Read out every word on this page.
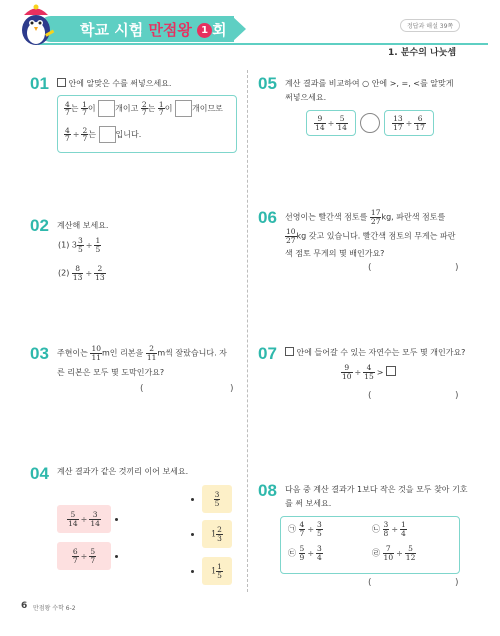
학교 시험 만점왕 1 회	정답과 해설 39쪽
1. 분수의 나눗셈
01	안에 알맞은 수를 써넣으세요.
$\frac{4}{7}$ 는 $\frac{1}{7}$ 이 개이고 $\frac{2}{7}$ 는 $\frac{1}{7}$ 이 개이므로
$\frac{4}{7} \div \frac{2}{7}$ 는 입니다.
02 계산해 보세요.
(1) $3 \frac{3}{5} \div \frac{1}{5}$
$(2) \frac{8}{13} \div \frac{2}{13}$
03 주현이는 $\frac{10}{11}$ m인 리본을 $\frac{2}{11}$ m씩 잘랐습니다. 자
른 리본은 모두 몇 도막인가요?
(	)
04 계산 결과가 같은 것끼리 이어 보세요.
$\frac{5}{14} \div \frac{3}{14}$
$\frac{6}{7} \div \frac{5}{7}$
$\frac{3}{5}$
$1 \frac{2}{3}$
$1 \frac{1}{5}$
05 계산 결과를 비교하여 ○ 안에 >, =, <를 알맞게
써넣으세요.
$\frac{9}{14} \div \frac{5}{14}$	$\frac{13}{17} \div \frac{6}{17}$
06 선영이는 빨간색 점토를 $\frac{17}{27}$ kg, 파란색 점토를
$\frac{10}{27}$ kg 갖고 있습니다. 빨간색 점토의 무게는 파란
색 점토 무게의 몇 배인가요?
(	)
07	안에 들어갈 수 있는 자연수는 모두 몇 개인가요?
$\frac{9}{10} \div \frac{4}{15}$ >
(	)
08 다음 중 계산 결과가 1보다 작은 것을 모두 찾아 기호
를 써 보세요.
㉠ $\frac{4}{7} \div \frac{3}{5}$	㉡ $\frac{3}{8} \div \frac{1}{4}$
㉢ $\frac{5}{9} \div \frac{3}{4}$	㉣ $\frac{7}{10} \div \frac{5}{12}$
(	)
6 만점왕 수학 6-2
